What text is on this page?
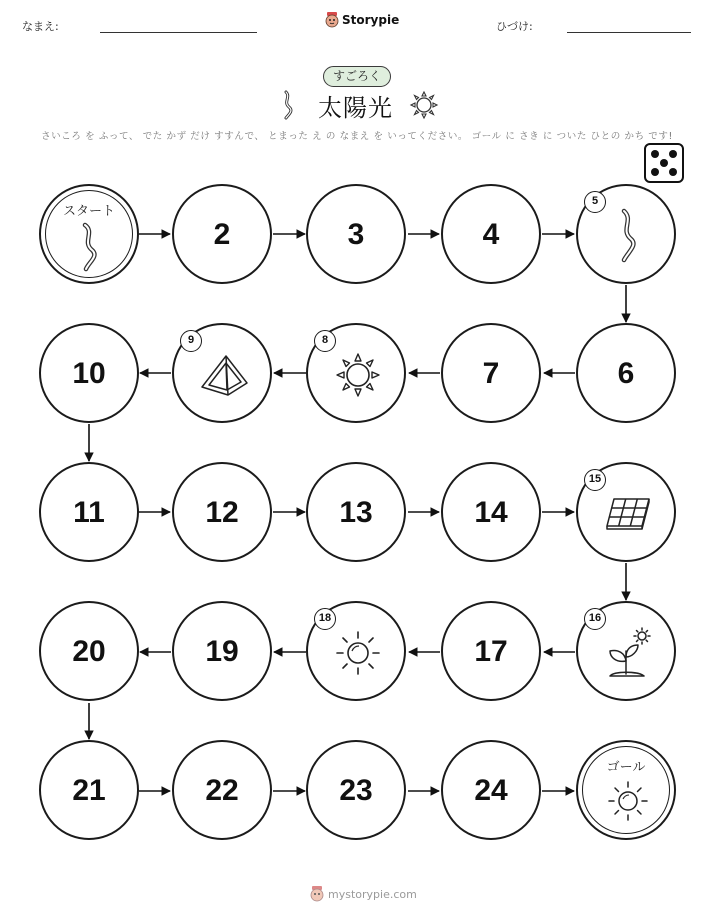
なまえ:	ひづけ:
Storypie
すごろく
太陽光
さいころ を ふって、 でた かず だけ すすんで、 とまった え の なまえ を いってください。 ゴール に さき に ついた ひとの かち です!
スタート
2	3	4
5
10
9	8
7	6
11	12	13	14
15
20	19
18
17
16
21	22	23	24
ゴール
mystorypie.com
